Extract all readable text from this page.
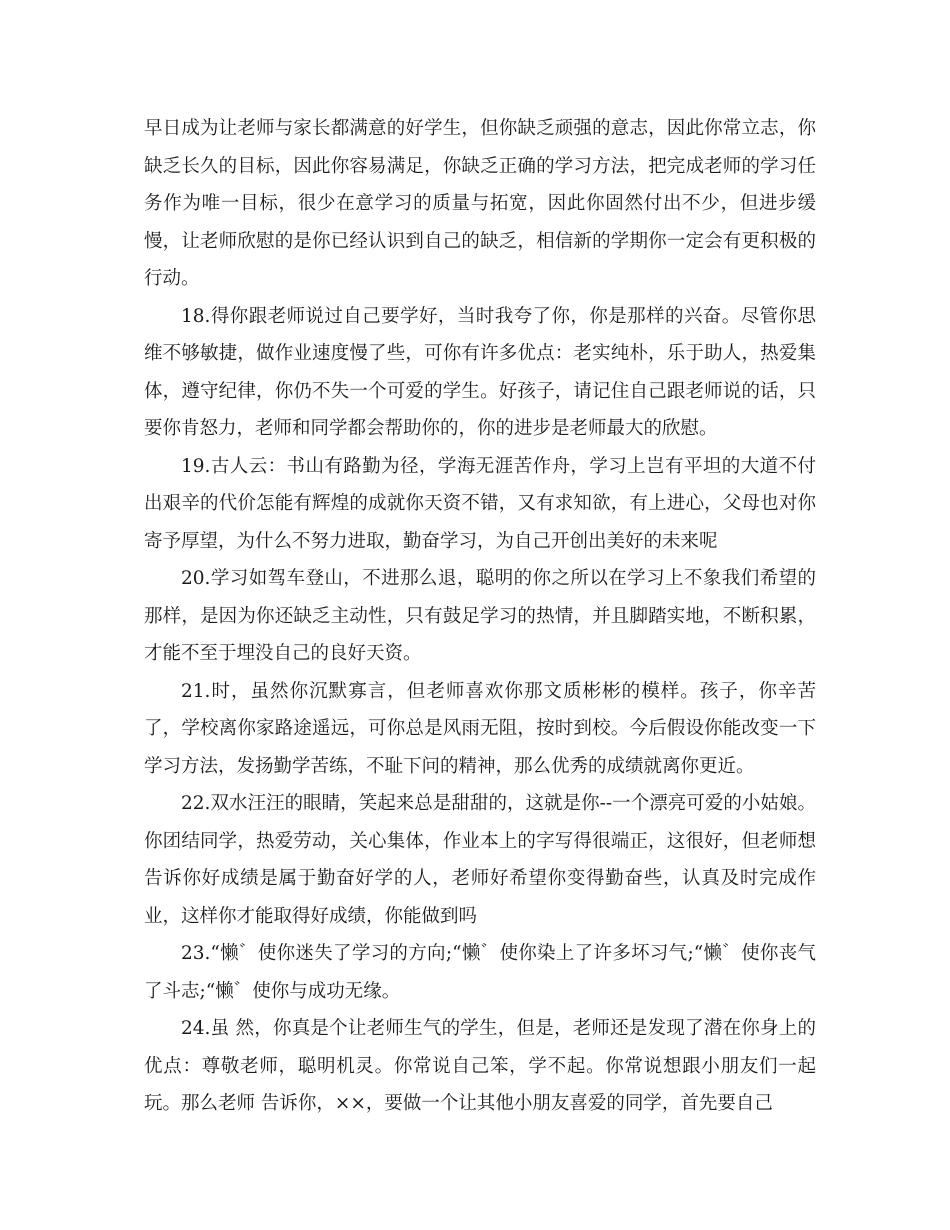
早日成为让老师与家长都满意的好学生，但你缺乏顽强的意志，因此你常立志，你缺乏长久的目标，因此你容易满足，你缺乏正确的学习方法，把完成老师的学习任务作为唯一目标，很少在意学习的质量与拓宽，因此你固然付出不少，但进步缓慢，让老师欣慰的是你已经认识到自己的缺乏，相信新的学期你一定会有更积极的行动。

18.得你跟老师说过自己要学好，当时我夸了你，你是那样的兴奋。尽管你思维不够敏捷，做作业速度慢了些，可你有许多优点：老实纯朴，乐于助人，热爱集体，遵守纪律，你仍不失一个可爱的学生。好孩子，请记住自己跟老师说的话，只要你肯怒力，老师和同学都会帮助你的，你的进步是老师最大的欣慰。

19.古人云：书山有路勤为径，学海无涯苦作舟，学习上岂有平坦的大道不付出艰辛的代价怎能有辉煌的成就你天资不错，又有求知欲，有上进心，父母也对你寄予厚望，为什么不努力进取，勤奋学习，为自己开创出美好的未来呢

20.学习如驾车登山，不进那么退，聪明的你之所以在学习上不象我们希望的那样，是因为你还缺乏主动性，只有鼓足学习的热情，并且脚踏实地，不断积累，才能不至于埋没自己的良好天资。

21.时，虽然你沉默寡言，但老师喜欢你那文质彬彬的模样。孩子，你辛苦了，学校离你家路途遥远，可你总是风雨无阻，按时到校。今后假设你能改变一下学习方法，发扬勤学苦练，不耻下问的精神，那么优秀的成绩就离你更近。

22.双水汪汪的眼睛，笑起来总是甜甜的，这就是你--一个漂亮可爱的小姑娘。你团结同学，热爱劳动，关心集体，作业本上的字写得很端正，这很好，但老师想告诉你好成绩是属于勤奋好学的人，老师好希望你变得勤奋些，认真及时完成作业，这样你才能取得好成绩，你能做到吗

23.“懒゛使你迷失了学习的方向;“懒゛使你染上了许多坏习气;“懒゛使你丧气了斗志;“懒゛使你与成功无缘。

24.虽 然，你真是个让老师生气的学生，但是，老师还是发现了潜在你身上的优点：尊敬老师，聪明机灵。你常说自己笨，学不起。你常说想跟小朋友们一起玩。那么老师 告诉你，××，要做一个让其他小朋友喜爱的同学，首先要自己
